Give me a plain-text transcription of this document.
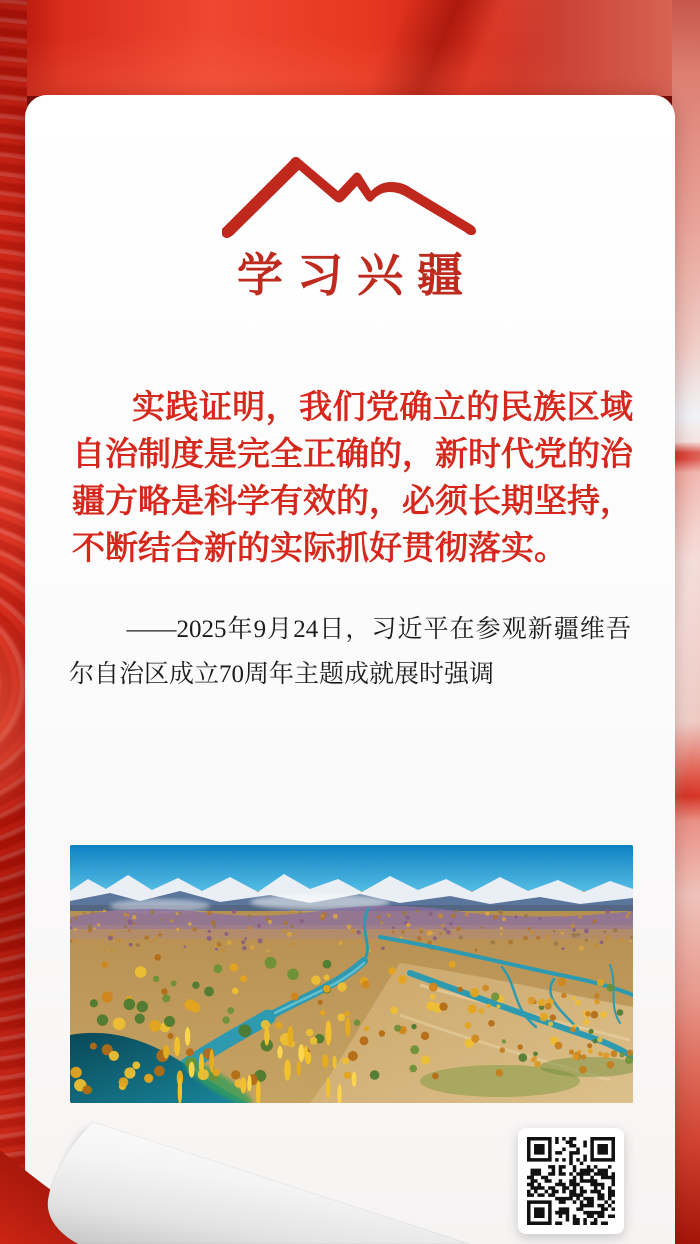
学习兴疆

实践证明，我们党确立的民族区域自治制度是完全正确的，新时代党的治疆方略是科学有效的，必须长期坚持，不断结合新的实际抓好贯彻落实。

——2025年9月24日，习近平在参观新疆维吾尔自治区成立70周年主题成就展时强调
